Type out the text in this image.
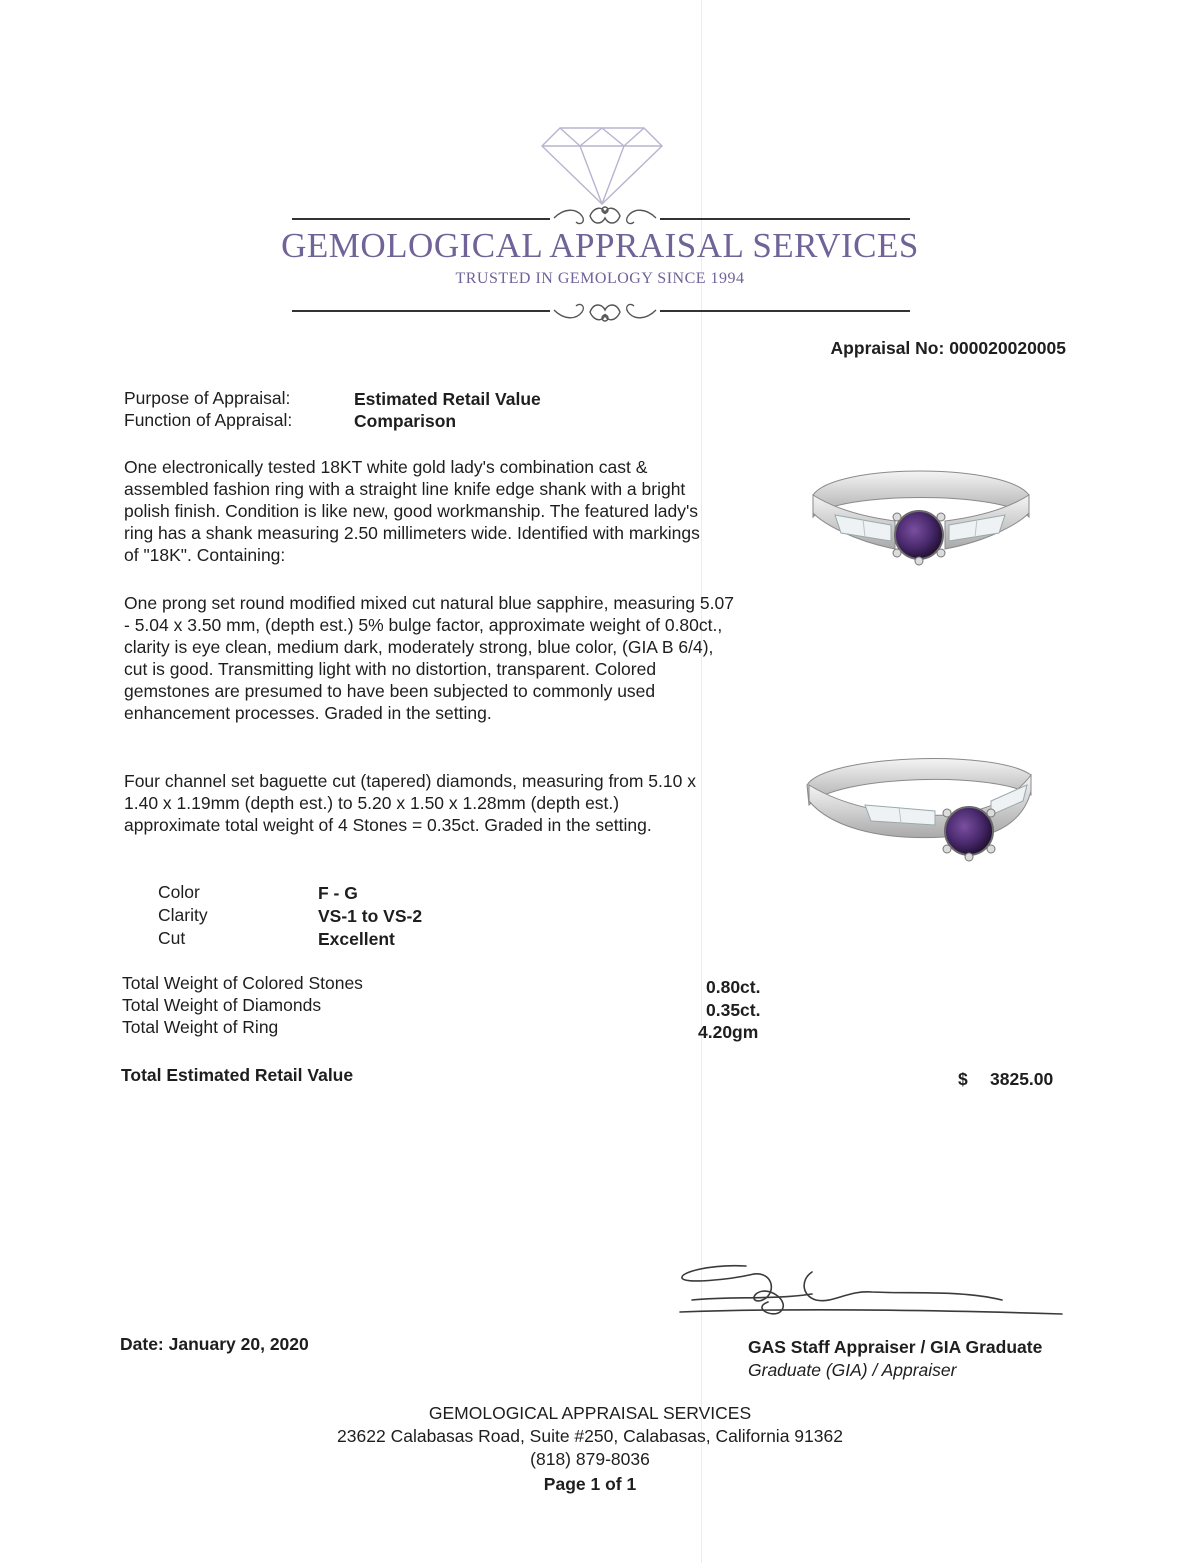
GEMOLOGICAL APPRAISAL SERVICES
TRUSTED IN GEMOLOGY SINCE 1994
Appraisal No: 000020020005
Purpose of Appraisal:	Estimated Retail Value
Function of Appraisal:	Comparison

One electronically tested 18KT white gold lady's combination cast & assembled fashion ring with a straight line knife edge shank with a bright polish finish. Condition is like new, good workmanship. The featured lady's ring has a shank measuring 2.50 millimeters wide. Identified with markings of "18K". Containing:

One prong set round modified mixed cut natural blue sapphire, measuring 5.07 - 5.04 x 3.50 mm, (depth est.) 5% bulge factor, approximate weight of 0.80ct., clarity is eye clean, medium dark, moderately strong, blue color, (GIA B 6/4), cut is good. Transmitting light with no distortion, transparent. Colored gemstones are presumed to have been subjected to commonly used enhancement processes. Graded in the setting.

Four channel set baguette cut (tapered) diamonds, measuring from 5.10 x 1.40 x 1.19mm (depth est.) to 5.20 x 1.50 x 1.28mm (depth est.) approximate total weight of 4 Stones = 0.35ct. Graded in the setting.

Color	F - G
Clarity	VS-1 to VS-2
Cut	Excellent
Total Weight of Colored Stones	0.80ct.
Total Weight of Diamonds	0.35ct.
Total Weight of Ring	4.20gm
Total Estimated Retail Value	$ 3825.00
Date: January 20, 2020	GAS Staff Appraiser / GIA Graduate
Graduate (GIA) / Appraiser
GEMOLOGICAL APPRAISAL SERVICES
23622 Calabasas Road, Suite #250, Calabasas, California 91362
(818) 879-8036
Page 1 of 1
